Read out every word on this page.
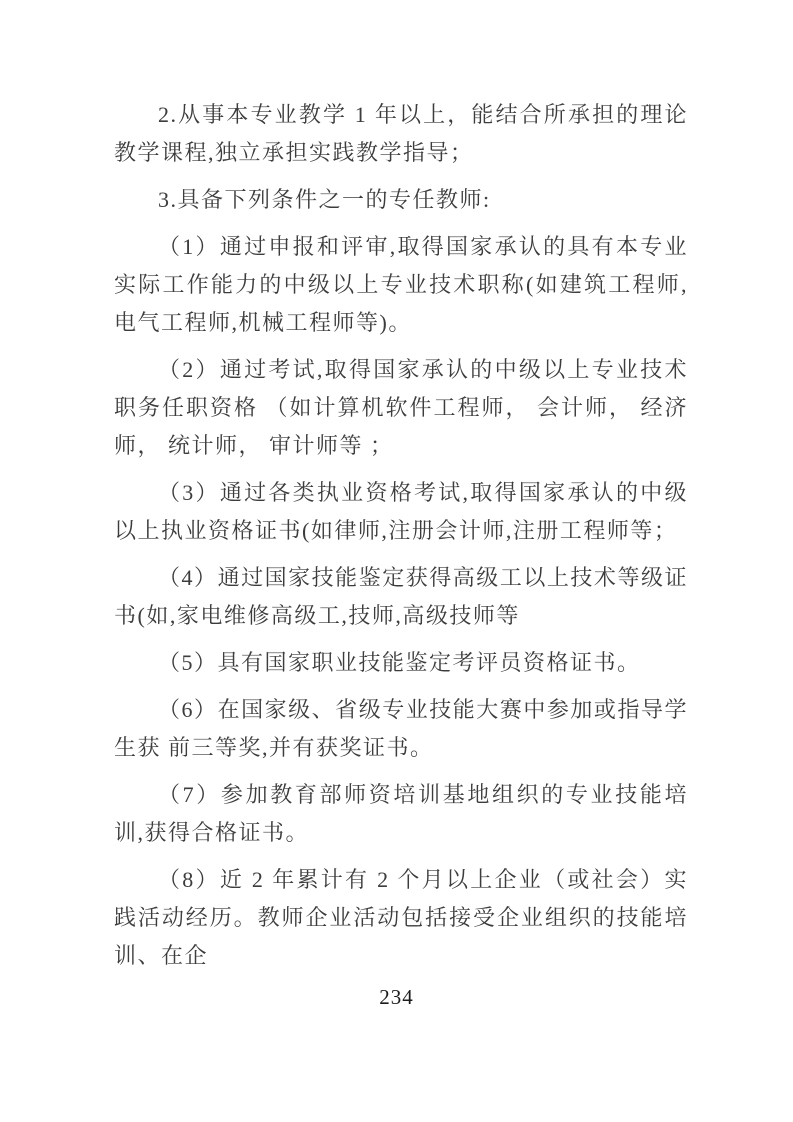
2.从事本专业教学 1 年以上，能结合所承担的理论教学课程,独立承担实践教学指导；

3.具备下列条件之一的专任教师:

（1）通过申报和评审,取得国家承认的具有本专业实际工作能力的中级以上专业技术职称(如建筑工程师,电气工程师,机械工程师等)。

（2）通过考试,取得国家承认的中级以上专业技术职务任职资格 （如计算机软件工程师， 会计师， 经济师， 统计师， 审计师等 ；

（3）通过各类执业资格考试,取得国家承认的中级以上执业资格证书(如律师,注册会计师,注册工程师等；

（4）通过国家技能鉴定获得高级工以上技术等级证书(如,家电维修高级工,技师,高级技师等

（5）具有国家职业技能鉴定考评员资格证书。

（6）在国家级、省级专业技能大赛中参加或指导学生获 前三等奖,并有获奖证书。

（7）参加教育部师资培训基地组织的专业技能培训,获得合格证书。

（8）近 2 年累计有 2 个月以上企业（或社会）实践活动经历。教师企业活动包括接受企业组织的技能培训、在企

234
